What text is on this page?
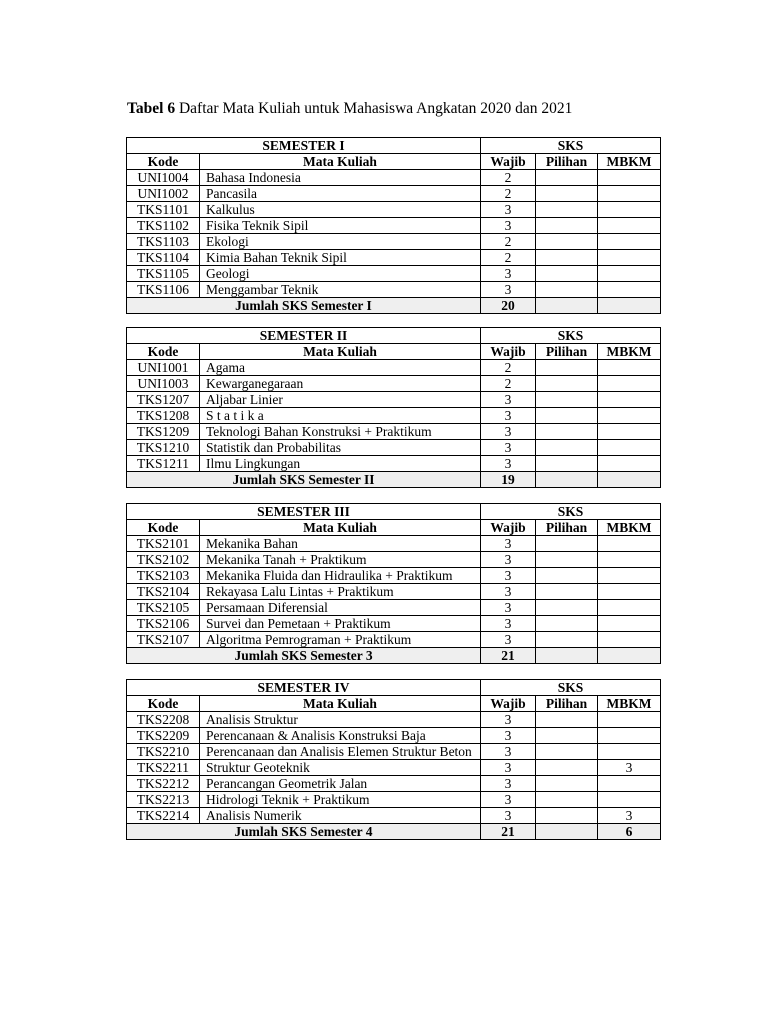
Tabel 6 Daftar Mata Kuliah untuk Mahasiswa Angkatan 2020 dan 2021
SEMESTER I		SKS		
Kode	Mata Kuliah	Wajib	Pilihan	MBKM
UNI1004	Bahasa Indonesia	2		
UNI1002	Pancasila	2		
TKS1101	Kalkulus	3		
TKS1102	Fisika Teknik Sipil	3		
TKS1103	Ekologi	2		
TKS1104	Kimia Bahan Teknik Sipil	2		
TKS1105	Geologi	3		
TKS1106	Menggambar Teknik	3		
Jumlah SKS Semester I		20		
SEMESTER II		SKS		
Kode	Mata Kuliah	Wajib	Pilihan	MBKM
UNI1001	Agama	2		
UNI1003	Kewarganegaraan	2		
TKS1207	Aljabar Linier	3		
TKS1208	S t a t i k a	3		
TKS1209	Teknologi Bahan Konstruksi + Praktikum	3		
TKS1210	Statistik dan Probabilitas	3		
TKS1211	Ilmu Lingkungan	3		
Jumlah SKS Semester II		19		
SEMESTER III		SKS		
Kode	Mata Kuliah	Wajib	Pilihan	MBKM
TKS2101	Mekanika Bahan	3		
TKS2102	Mekanika Tanah + Praktikum	3		
TKS2103	Mekanika Fluida dan Hidraulika + Praktikum	3		
TKS2104	Rekayasa Lalu Lintas + Praktikum	3		
TKS2105	Persamaan Diferensial	3		
TKS2106	Survei dan Pemetaan + Praktikum	3		
TKS2107	Algoritma Pemrograman + Praktikum	3		
Jumlah SKS Semester 3		21		
SEMESTER IV		SKS		
Kode	Mata Kuliah	Wajib	Pilihan	MBKM
TKS2208	Analisis Struktur	3		
TKS2209	Perencanaan & Analisis Konstruksi Baja	3		
TKS2210	Perencanaan dan Analisis Elemen Struktur Beton	3		
TKS2211	Struktur Geoteknik	3		3
TKS2212	Perancangan Geometrik Jalan	3		
TKS2213	Hidrologi Teknik + Praktikum	3		
TKS2214	Analisis Numerik	3		3
Jumlah SKS Semester 4		21		6
